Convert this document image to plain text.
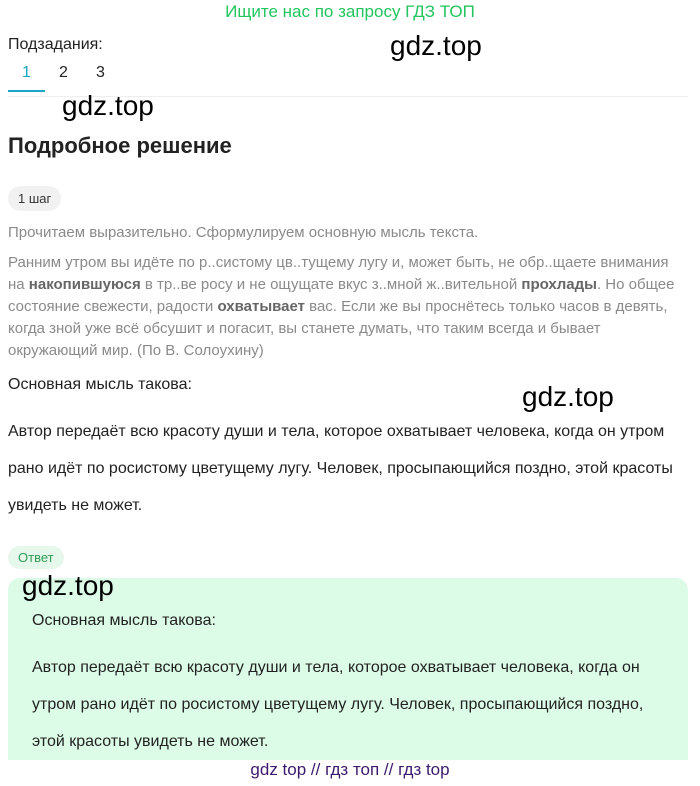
Ищите нас по запросу ГДЗ ТОП
gdz.top
Подзадания:
1	2	3
gdz.top
Подробное решение
1 шаг
Прочитаем выразительно. Сформулируем основную мысль текста.
Ранним утром вы идёте по р..систому цв..тущему лугу и, может быть, не обр..щаете внимания на накопившуюся в тр..ве росу и не ощущате вкус з..мной ж..вительной прохлады. Но общее состояние свежести, радости охватывает вас. Если же вы проснётесь только часов в девять, когда зной уже всё обсушит и погасит, вы станете думать, что таким всегда и бывает окружающий мир. (По В. Солоухину)
Основная мысль такова:	gdz.top
Автор передаёт всю красоту души и тела, которое охватывает человека, когда он утром рано идёт по росистому цветущему лугу. Человек, просыпающийся поздно, этой красоты увидеть не может.
Ответ
gdz.top
Основная мысль такова:
Автор передаёт всю красоту души и тела, которое охватывает человека, когда он утром рано идёт по росистому цветущему лугу. Человек, просыпающийся поздно, этой красоты увидеть не может.
gdz top // гдз топ // гдз top
